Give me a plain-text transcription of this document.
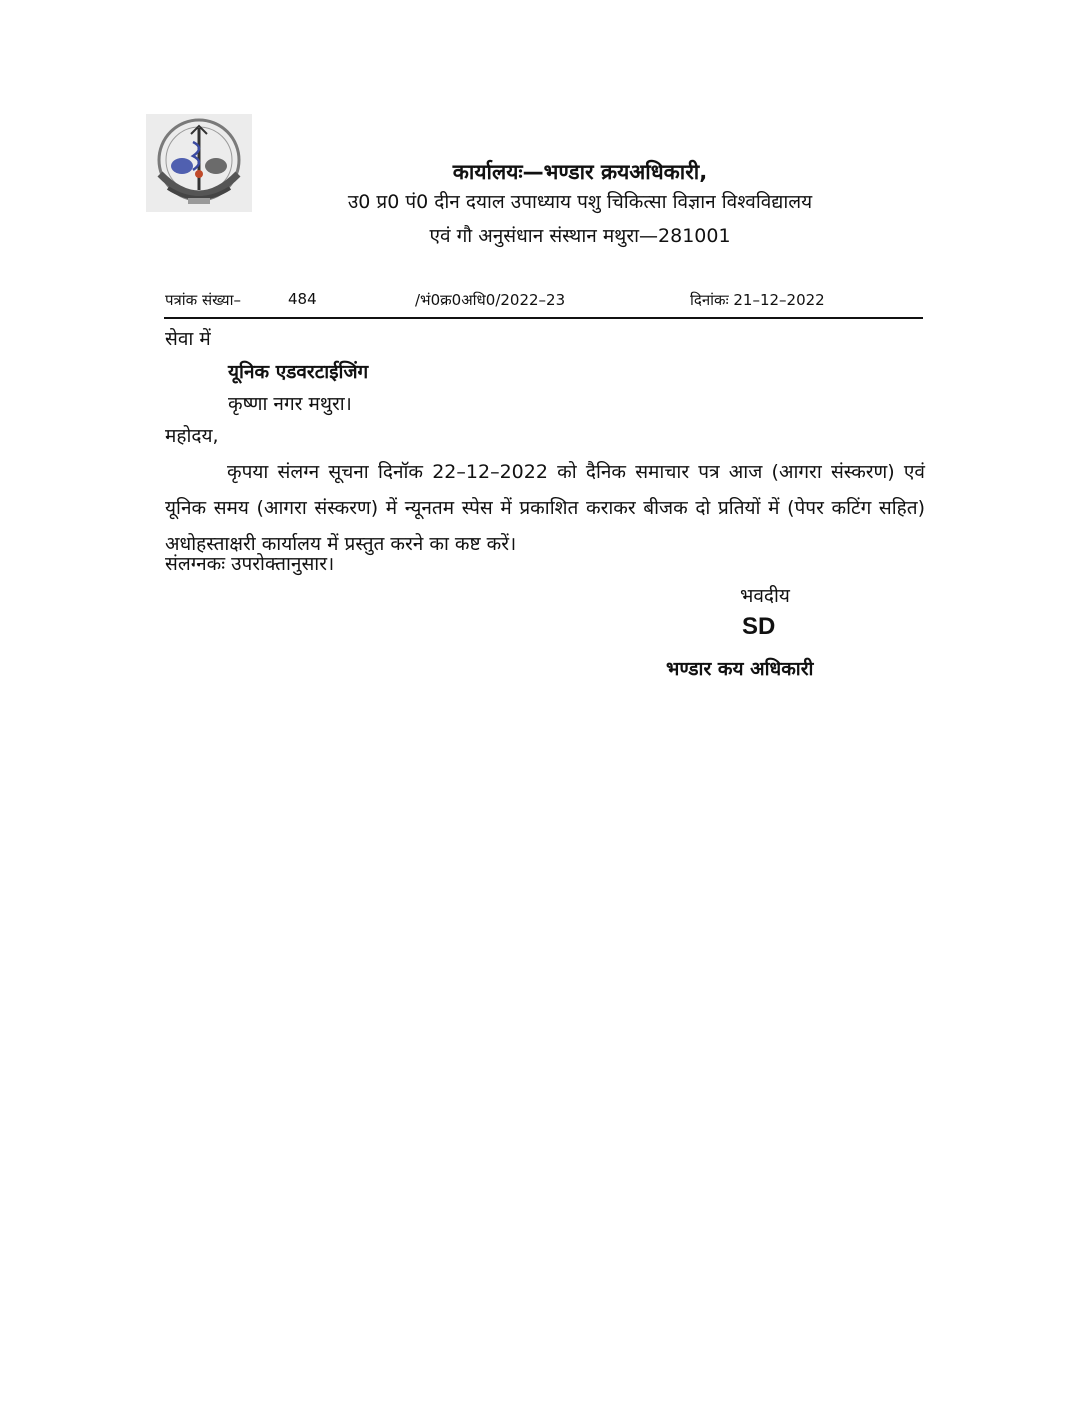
कार्यालयः—भण्डार क्रयअधिकारी,
उ0 प्र0 पं0 दीन दयाल उपाध्याय पशु चिकित्सा विज्ञान विश्वविद्यालय
एवं गौ अनुसंधान संस्थान मथुरा—281001
पत्रांक संख्या–	484	/भं0क्र0अधि0/2022–23	दिनांकः 21–12–2022
सेवा में
यूनिक एडवरटाईजिंग
कृष्णा नगर मथुरा।
महोदय,
कृपया संलग्न सूचना दिनॉक 22–12–2022 को दैनिक समाचार पत्र आज (आगरा संस्करण) एवं यूनिक समय (आगरा संस्करण) में न्यूनतम स्पेस में प्रकाशित कराकर बीजक दो प्रतियों में (पेपर कटिंग सहित) अधोहस्ताक्षरी कार्यालय में प्रस्तुत करने का कष्ट करें।
संलग्नकः उपरोक्तानुसार।
भवदीय
SD
भण्डार कय अधिकारी
